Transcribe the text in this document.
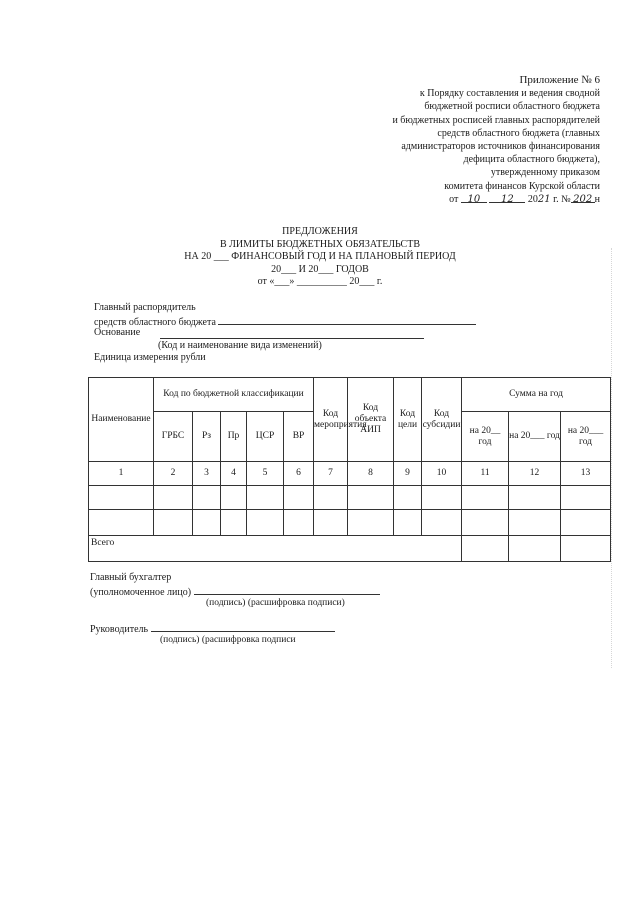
Приложение № 6
к Порядку составления и ведения сводной
бюджетной росписи областного бюджета
и бюджетных росписей главных распорядителей
средств областного бюджета (главных
администраторов источников финансирования
дефицита областного бюджета),
утвержденному приказом
комитета финансов Курской области
от 10 12 2021 г. № 202 н
ПРЕДЛОЖЕНИЯ
В ЛИМИТЫ БЮДЖЕТНЫХ ОБЯЗАТЕЛЬСТВ
НА 20 ___ ФИНАНСОВЫЙ ГОД И НА ПЛАНОВЫЙ ПЕРИОД
20___ И 20___ ГОДОВ
от «___» __________ 20___ г.
Главный распорядитель
средств областного бюджета
Основание
(Код и наименование вида изменений)
Единица измерения рубли
Наименование	Код по бюджетной классификации					Код мероприятия	Код объекта АИП	Код цели	Код субсидии	Сумма на год		
	ГРБС	Рз	Пр	ЦСР	ВР					на 20__ год	на 20___ год	на 20___ год
1	2	3	4	5	6	7	8	9	10	11	12	13

Всего												
Главный бухгалтер
(уполномоченное лицо)
(подпись) (расшифровка подписи)
Руководитель
(подпись) (расшифровка подписи
